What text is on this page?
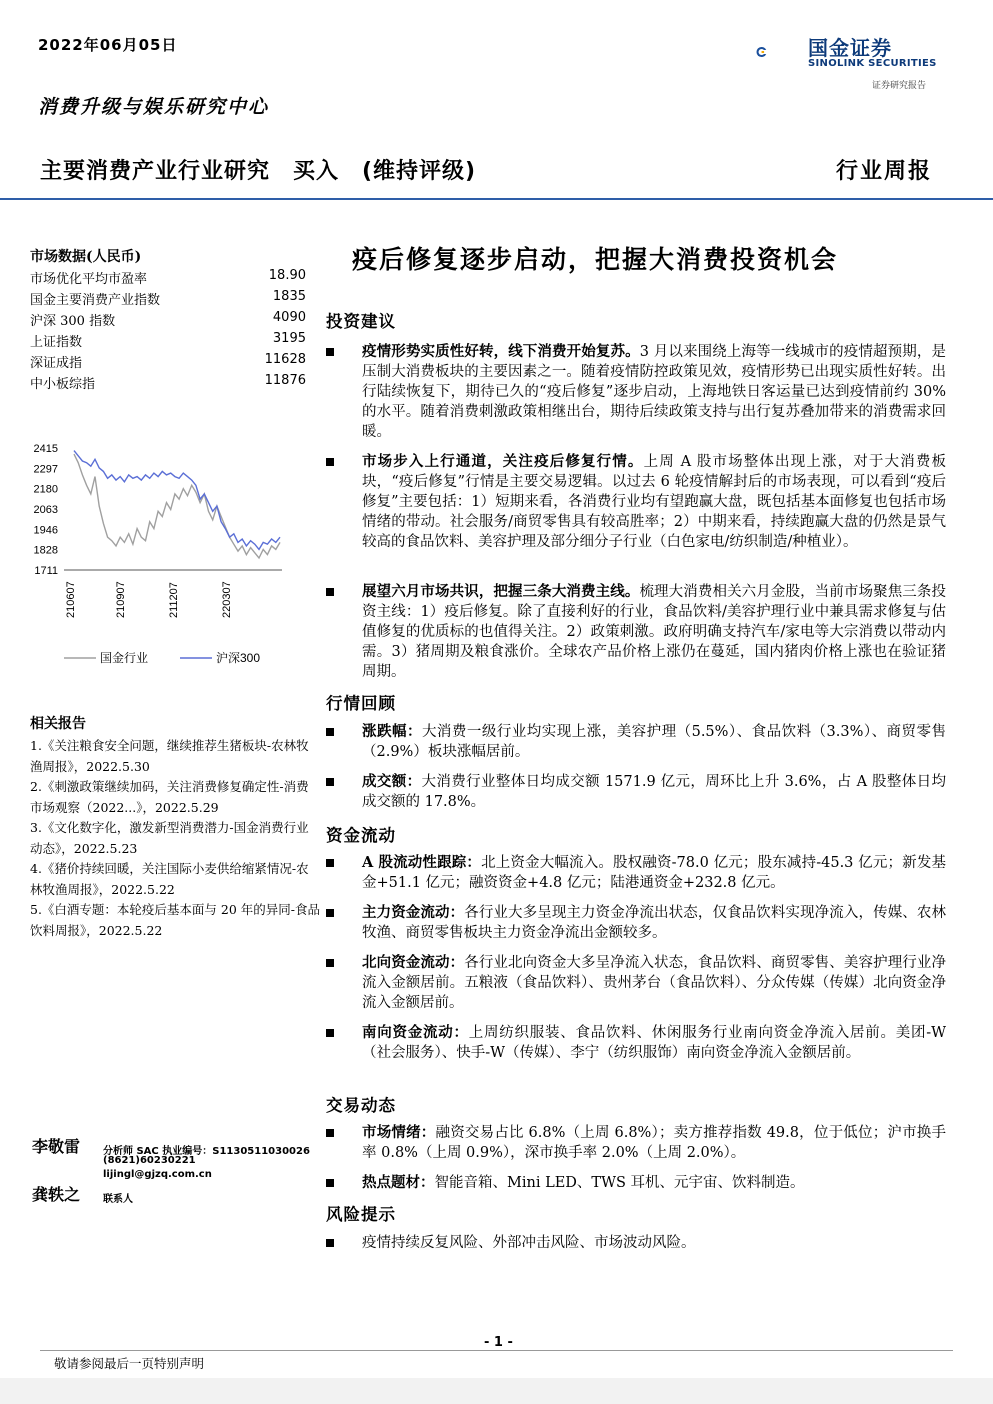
2022年06月05日	国金证券
SINOLINK SECURITIES
证券研究报告
消费升级与娱乐研究中心
主要消费产业行业研究　买入　(维持评级)	行业周报
市场数据(人民币)
市场优化平均市盈率	18.90
国金主要消费产业指数	1835
沪深 300 指数	4090
上证指数	3195
深证成指	11628
中小板综指	11876
2415
2297
2180
2063
1946
1828
1711
210607	210907	211207	220307
国金行业	沪深300
相关报告
1.《关注粮食安全问题，继续推荐生猪板块-农林牧渔周报》，2022.5.30
2.《刺激政策继续加码，关注消费修复确定性-消费市场观察（2022...》，2022.5.29
3.《文化数字化，激发新型消费潜力-国金消费行业动态》，2022.5.23
4.《猪价持续回暖，关注国际小麦供给缩紧情况-农林牧渔周报》，2022.5.22
5.《白酒专题：本轮疫后基本面与 20 年的异同-食品饮料周报》，2022.5.22
李敬雷 分析师 SAC 执业编号：S1130511030026
(8621)60230221
lijingl@gjzq.com.cn
龚轶之 联系人
疫后修复逐步启动，把握大消费投资机会
投资建议
疫情形势实质性好转，线下消费开始复苏。3 月以来围绕上海等一线城市的疫情超预期，是压制大消费板块的主要因素之一。随着疫情防控政策见效，疫情形势已出现实质性好转。出行陆续恢复下，期待已久的“疫后修复”逐步启动，上海地铁日客运量已达到疫情前约 30%的水平。随着消费刺激政策相继出台，期待后续政策支持与出行复苏叠加带来的消费需求回暖。
市场步入上行通道，关注疫后修复行情。上周 A 股市场整体出现上涨，对于大消费板块，“疫后修复”行情是主要交易逻辑。以过去 6 轮疫情解封后的市场表现，可以看到“疫后修复”主要包括：1）短期来看，各消费行业均有望跑赢大盘，既包括基本面修复也包括市场情绪的带动。社会服务/商贸零售具有较高胜率；2）中期来看，持续跑赢大盘的仍然是景气较高的食品饮料、美容护理及部分细分子行业（白色家电/纺织制造/种植业）。
展望六月市场共识，把握三条大消费主线。梳理大消费相关六月金股，当前市场聚焦三条投资主线：1）疫后修复。除了直接利好的行业，食品饮料/美容护理行业中兼具需求修复与估值修复的优质标的也值得关注。2）政策刺激。政府明确支持汽车/家电等大宗消费以带动内需。3）猪周期及粮食涨价。全球农产品价格上涨仍在蔓延，国内猪肉价格上涨也在验证猪周期。
行情回顾
涨跌幅：大消费一级行业均实现上涨，美容护理（5.5%）、食品饮料（3.3%）、商贸零售（2.9%）板块涨幅居前。
成交额：大消费行业整体日均成交额 1571.9 亿元，周环比上升 3.6%，占 A 股整体日均成交额的 17.8%。
资金流动
A 股流动性跟踪：北上资金大幅流入。股权融资-78.0 亿元；股东减持-45.3 亿元；新发基金+51.1 亿元；融资资金+4.8 亿元；陆港通资金+232.8 亿元。
主力资金流动：各行业大多呈现主力资金净流出状态，仅食品饮料实现净流入，传媒、农林牧渔、商贸零售板块主力资金净流出金额较多。
北向资金流动：各行业北向资金大多呈净流入状态，食品饮料、商贸零售、美容护理行业净流入金额居前。五粮液（食品饮料）、贵州茅台（食品饮料）、分众传媒（传媒）北向资金净流入金额居前。
南向资金流动：上周纺织服装、食品饮料、休闲服务行业南向资金净流入居前。美团-W（社会服务）、快手-W（传媒）、李宁（纺织服饰）南向资金净流入金额居前。
交易动态
市场情绪：融资交易占比 6.8%（上周 6.8%）；卖方推荐指数 49.8，位于低位；沪市换手率 0.8%（上周 0.9%），深市换手率 2.0%（上周 2.0%）。
热点题材：智能音箱、Mini LED、TWS 耳机、元宇宙、饮料制造。
风险提示
疫情持续反复风险、外部冲击风险、市场波动风险。
- 1 -
敬请参阅最后一页特别声明
